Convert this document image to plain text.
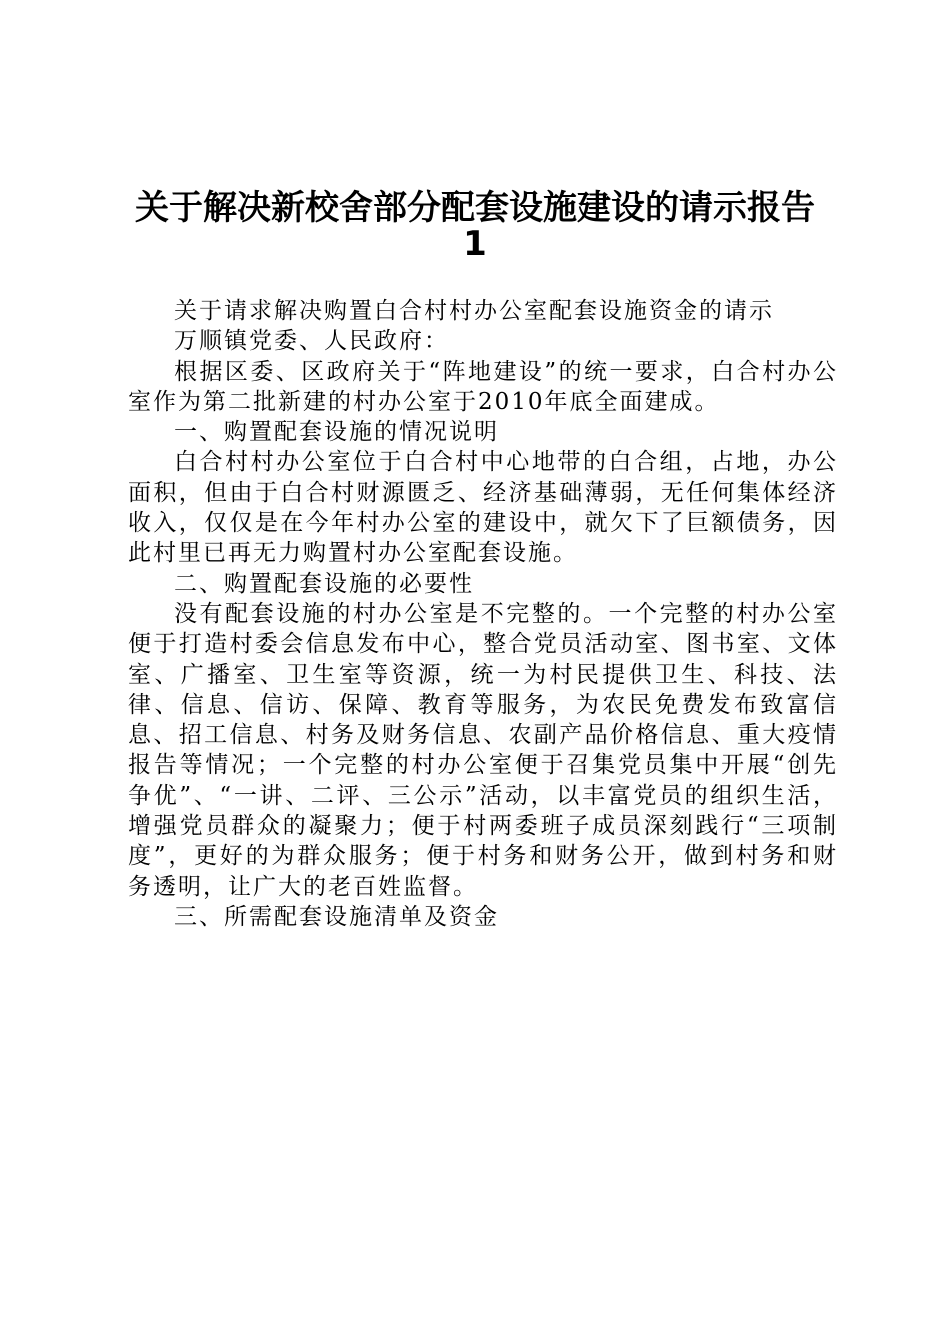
关于解决新校舍部分配套设施建设的请示报告
1

关于请求解决购置白合村村办公室配套设施资金的请示

万顺镇党委、人民政府：

根据区委、区政府关于“阵地建设”的统一要求，白合村办公室作为第二批新建的村办公室于2010年底全面建成。

一、购置配套设施的情况说明

白合村村办公室位于白合村中心地带的白合组，占地，办公面积，但由于白合村财源匮乏、经济基础薄弱，无任何集体经济收入，仅仅是在今年村办公室的建设中，就欠下了巨额债务，因此村里已再无力购置村办公室配套设施。

二、购置配套设施的必要性

没有配套设施的村办公室是不完整的。一个完整的村办公室便于打造村委会信息发布中心，整合党员活动室、图书室、文体室、广播室、卫生室等资源，统一为村民提供卫生、科技、法律、信息、信访、保障、教育等服务，为农民免费发布致富信息、招工信息、村务及财务信息、农副产品价格信息、重大疫情报告等情况；一个完整的村办公室便于召集党员集中开展“创先争优”、“一讲、二评、三公示”活动，以丰富党员的组织生活，增强党员群众的凝聚力；便于村两委班子成员深刻践行“三项制度”，更好的为群众服务；便于村务和财务公开，做到村务和财务透明，让广大的老百姓监督。

三、所需配套设施清单及资金
